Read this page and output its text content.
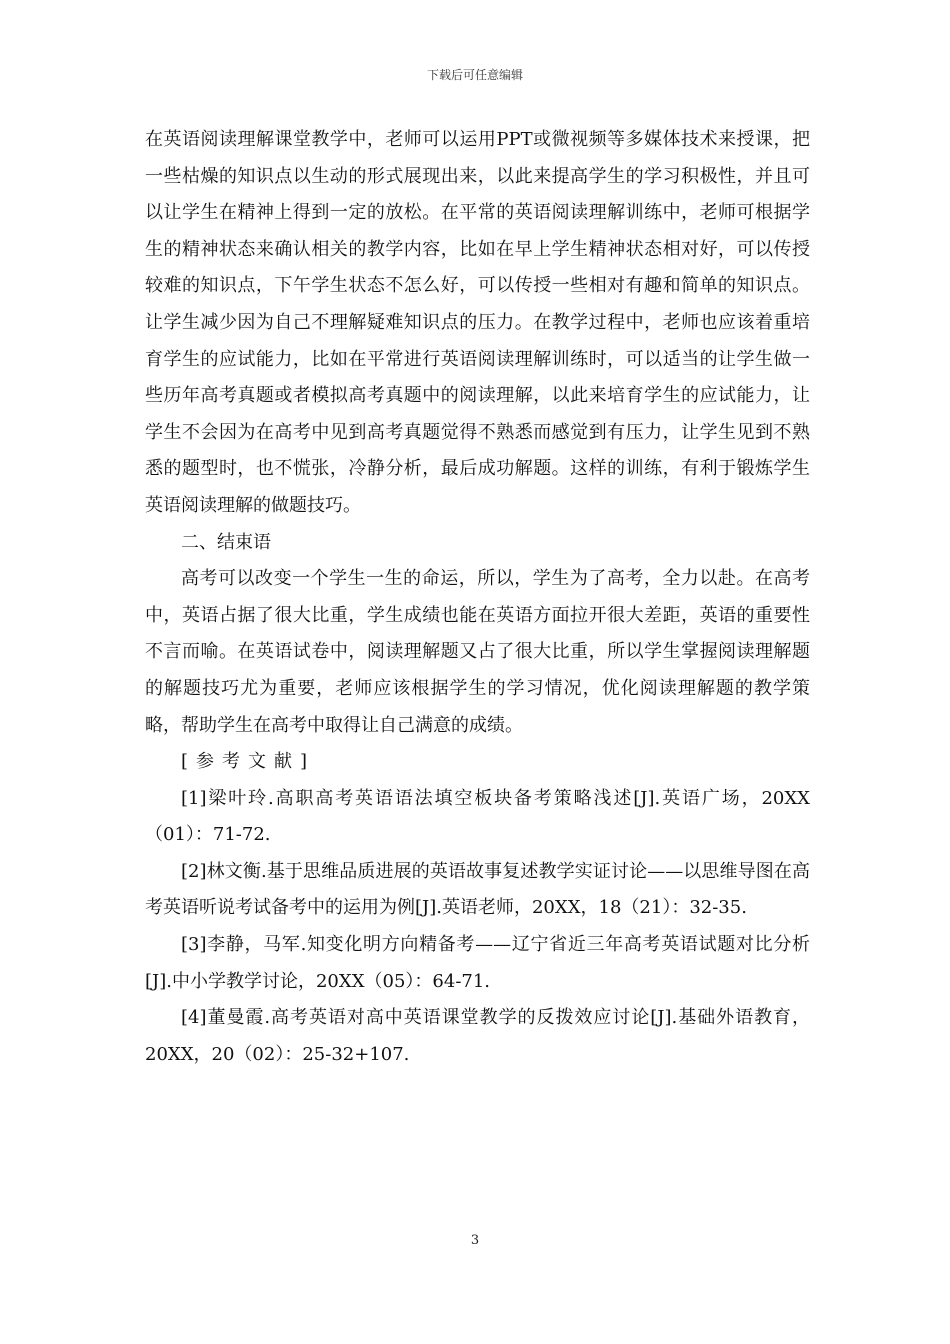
下载后可任意编辑

在英语阅读理解课堂教学中，老师可以运用PPT或微视频等多媒体技术来授课，把一些枯燥的知识点以生动的形式展现出来，以此来提高学生的学习积极性，并且可以让学生在精神上得到一定的放松。在平常的英语阅读理解训练中，老师可根据学生的精神状态来确认相关的教学内容，比如在早上学生精神状态相对好，可以传授较难的知识点，下午学生状态不怎么好，可以传授一些相对有趣和简单的知识点。让学生减少因为自己不理解疑难知识点的压力。在教学过程中，老师也应该着重培育学生的应试能力，比如在平常进行英语阅读理解训练时，可以适当的让学生做一些历年高考真题或者模拟高考真题中的阅读理解，以此来培育学生的应试能力，让学生不会因为在高考中见到高考真题觉得不熟悉而感觉到有压力，让学生见到不熟悉的题型时，也不慌张，冷静分析，最后成功解题。这样的训练，有利于锻炼学生英语阅读理解的做题技巧。

二、结束语

高考可以改变一个学生一生的命运，所以，学生为了高考，全力以赴。在高考中，英语占据了很大比重，学生成绩也能在英语方面拉开很大差距，英语的重要性不言而喻。在英语试卷中，阅读理解题又占了很大比重，所以学生掌握阅读理解题的解题技巧尤为重要，老师应该根据学生的学习情况，优化阅读理解题的教学策略，帮助学生在高考中取得让自己满意的成绩。

[参考文献]

[1]梁叶玲.高职高考英语语法填空板块备考策略浅述[J].英语广场，20XX（01）：71-72.

[2]林文衡.基于思维品质进展的英语故事复述教学实证讨论——以思维导图在高考英语听说考试备考中的运用为例[J].英语老师，20XX，18（21）：32-35.

[3]李静，马军.知变化明方向精备考——辽宁省近三年高考英语试题对比分析[J].中小学教学讨论，20XX（05）：64-71.

[4]董曼霞.高考英语对高中英语课堂教学的反拨效应讨论[J].基础外语教育，20XX，20（02）：25-32+107.

3
